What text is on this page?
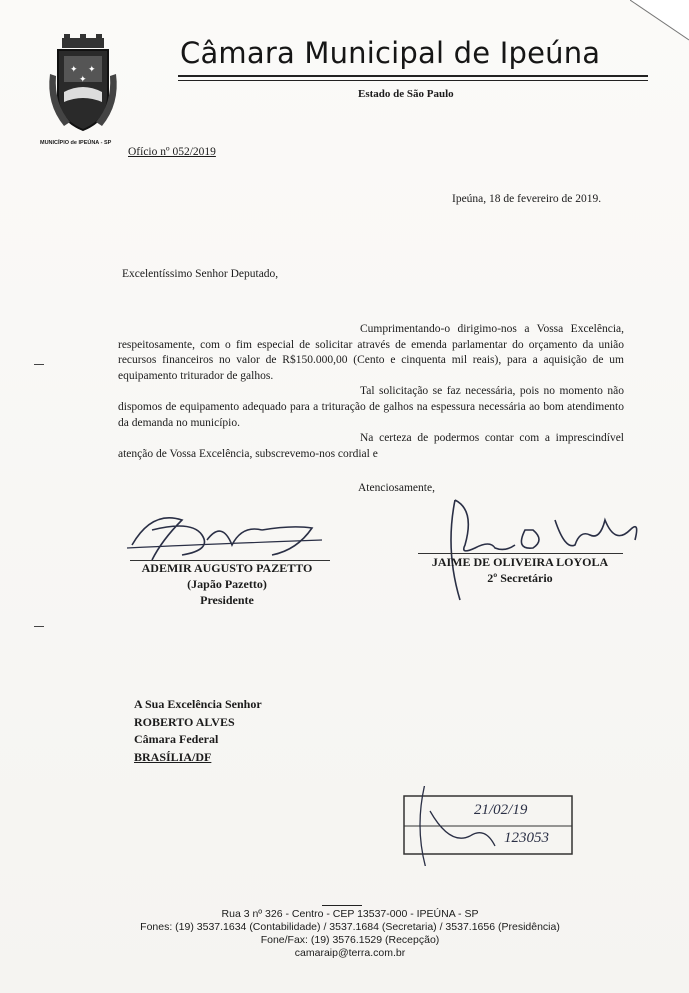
✦ ✦
✦
MUNICÍPIO de IPEÚNA - SP
Câmara Municipal de Ipeúna
Estado de São Paulo
Ofício nº 052/2019
Ipeúna, 18 de fevereiro de 2019.
Excelentíssimo Senhor Deputado,

Cumprimentando-o dirigimo-nos a Vossa Excelência, respeitosamente, com o fim especial de solicitar através de emenda parlamentar do orçamento da união recursos financeiros no valor de R$150.000,00 (Cento e cinquenta mil reais), para a aquisição de um equipamento triturador de galhos.

Tal solicitação se faz necessária, pois no momento não dispomos de equipamento adequado para a trituração de galhos na espessura necessária ao bom atendimento da demanda no município.

Na certeza de podermos contar com a imprescindível atenção de Vossa Excelência, subscrevemo-nos cordial e

Atenciosamente,
ADEMIR AUGUSTO PAZETTO
(Japão Pazetto)
Presidente
JAIME DE OLIVEIRA LOYOLA
2º Secretário
A Sua Excelência Senhor
ROBERTO ALVES
Câmara Federal
BRASÍLIA/DF
21/02/19
123053
Rua 3 nº 326 - Centro - CEP 13537-000 - IPEÚNA - SP
Fones: (19) 3537.1634 (Contabilidade) / 3537.1684 (Secretaria) / 3537.1656 (Presidência)
Fone/Fax: (19) 3576.1529 (Recepção)
camaraip@terra.com.br
